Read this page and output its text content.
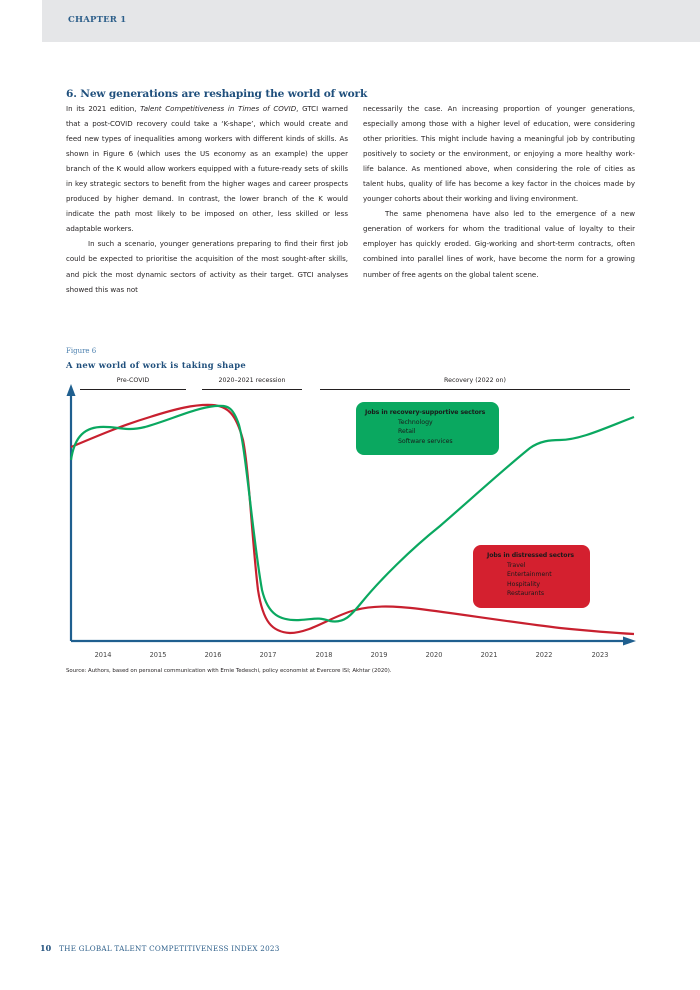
CHAPTER 1
6. New generations are reshaping the world of work

In its 2021 edition, Talent Competitiveness in Times of COVID, GTCI warned that a post-COVID recovery could take a ‘K-shape’, which would create and feed new types of inequalities among workers with different kinds of skills. As shown in Figure 6 (which uses the US economy as an example) the upper branch of the K would allow workers equipped with a future-ready sets of skills in key strategic sectors to benefit from the higher wages and career prospects produced by higher demand. In contrast, the lower branch of the K would indicate the path most likely to be imposed on other, less skilled or less adaptable workers.

In such a scenario, younger generations preparing to find their first job could be expected to prioritise the acquisition of the most sought-after skills, and pick the most dynamic sectors of activity as their target. GTCI analyses showed this was not

necessarily the case. An increasing proportion of younger generations, especially among those with a higher level of education, were considering other priorities. This might include having a meaningful job by contributing positively to society or the environment, or enjoying a more healthy work-life balance. As mentioned above, when considering the role of cities as talent hubs, quality of life has become a key factor in the choices made by younger cohorts about their working and living environment.

The same phenomena have also led to the emergence of a new generation of workers for whom the traditional value of loyalty to their employer has quickly eroded. Gig-working and short-term contracts, often combined into parallel lines of work, have become the norm for a growing number of free agents on the global talent scene.

Figure 6
A new world of work is taking shape
Pre-COVID	2020–2021 recession	Recovery (2022 on)
Jobs in recovery-supportive sectors
Technology
Retail
Software services
Jobs in distressed sectors
Travel
Entertainment
Hospitality
Restaurants
2014	2015	2016	2017	2018	2019	2020	2021	2022	2023
Source: Authors, based on personal communication with Ernie Tedeschi, policy economist at Evercore ISI; Akhtar (2020).
10 THE GLOBAL TALENT COMPETITIVENESS INDEX 2023
